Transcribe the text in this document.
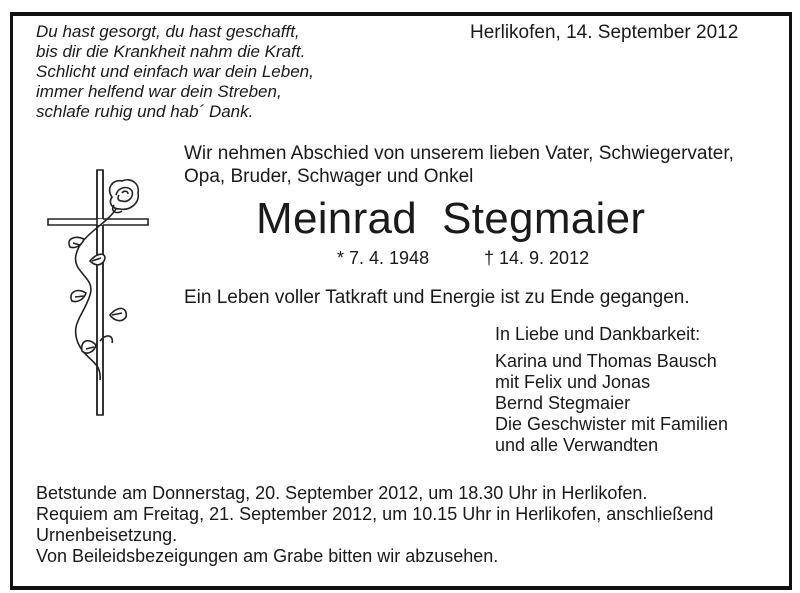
Du hast gesorgt, du hast geschafft,
bis dir die Krankheit nahm die Kraft.
Schlicht und einfach war dein Leben,
immer helfend war dein Streben,
schlafe ruhig und hab´ Dank.
Herlikofen, 14. September 2012
Wir nehmen Abschied von unserem lieben Vater, Schwiegervater,
Opa, Bruder, Schwager und Onkel
Meinrad  Stegmaier
* 7. 4. 1948	† 14. 9. 2012
Ein Leben voller Tatkraft und Energie ist zu Ende gegangen.
In Liebe und Dankbarkeit:
Karina und Thomas Bausch
mit Felix und Jonas
Bernd Stegmaier
Die Geschwister mit Familien
und alle Verwandten
Betstunde am Donnerstag, 20. September 2012, um 18.30 Uhr in Herlikofen.
Requiem am Freitag, 21. September 2012, um 10.15 Uhr in Herlikofen, anschließend
Urnenbeisetzung.
Von Beileidsbezeigungen am Grabe bitten wir abzusehen.
